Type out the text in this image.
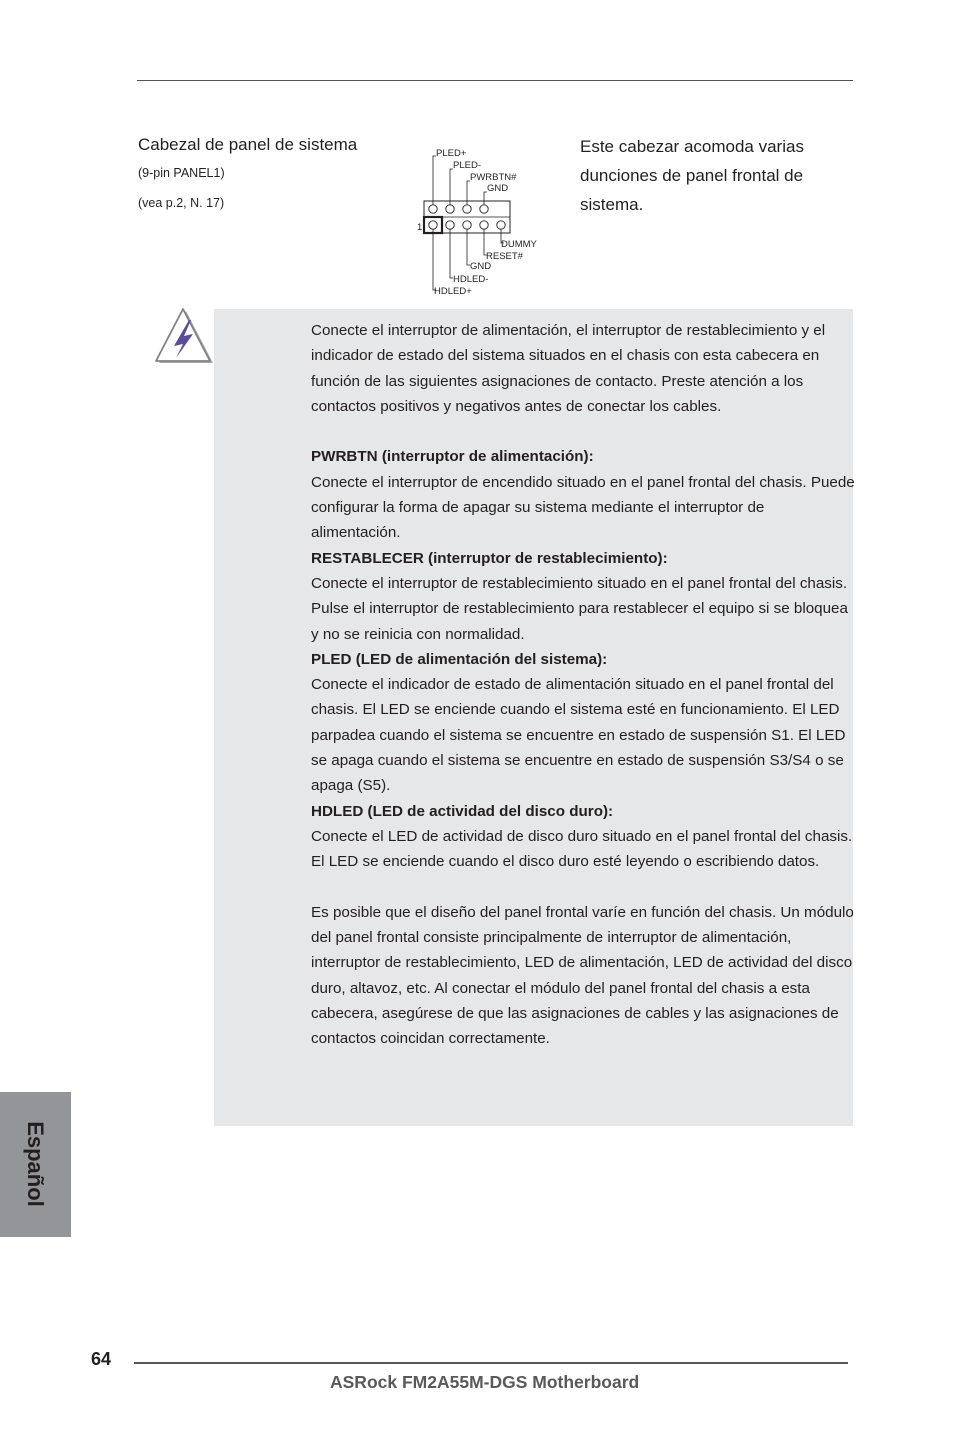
Cabezal de panel de sistema
(9-pin PANEL1)
(vea p.2, N. 17)
1
PLED+
PLED-
PWRBTN#
GND
DUMMY
RESET#
GND
HDLED-
HDLED+
Este cabezar acomoda varias
dunciones de panel frontal de
sistema.

Conecte el interruptor de alimentación, el interruptor de restablecimiento y el indicador de estado del sistema situados en el chasis con esta cabecera en función de las siguientes asignaciones de contacto. Preste atención a los contactos positivos y negativos antes de conectar los cables.

PWRBTN (interruptor de alimentación):

Conecte el interruptor de encendido situado en el panel frontal del chasis. Puede configurar la forma de apagar su sistema mediante el interruptor de alimentación.

RESTABLECER (interruptor de restablecimiento):

Conecte el interruptor de restablecimiento situado en el panel frontal del chasis. Pulse el interruptor de restablecimiento para restablecer el equipo si se bloquea y no se reinicia con normalidad.

PLED (LED de alimentación del sistema):

Conecte el indicador de estado de alimentación situado en el panel frontal del chasis. El LED se enciende cuando el sistema esté en funcionamiento. El LED parpadea cuando el sistema se encuentre en estado de suspensión S1. El LED se apaga cuando el sistema se encuentre en estado de suspensión S3/S4 o se apaga (S5).

HDLED (LED de actividad del disco duro):

Conecte el LED de actividad de disco duro situado en el panel frontal del chasis. El LED se enciende cuando el disco duro esté leyendo o escribiendo datos.

Es posible que el diseño del panel frontal varíe en función del chasis. Un módulo del panel frontal consiste principalmente de interruptor de alimentación, interruptor de restablecimiento, LED de alimentación, LED de actividad del disco duro, altavoz, etc. Al conectar el módulo del panel frontal del chasis a esta cabecera, asegúrese de que las asignaciones de cables y las asignaciones de contactos coincidan correctamente.

Español
64
ASRock FM2A55M-DGS Motherboard
